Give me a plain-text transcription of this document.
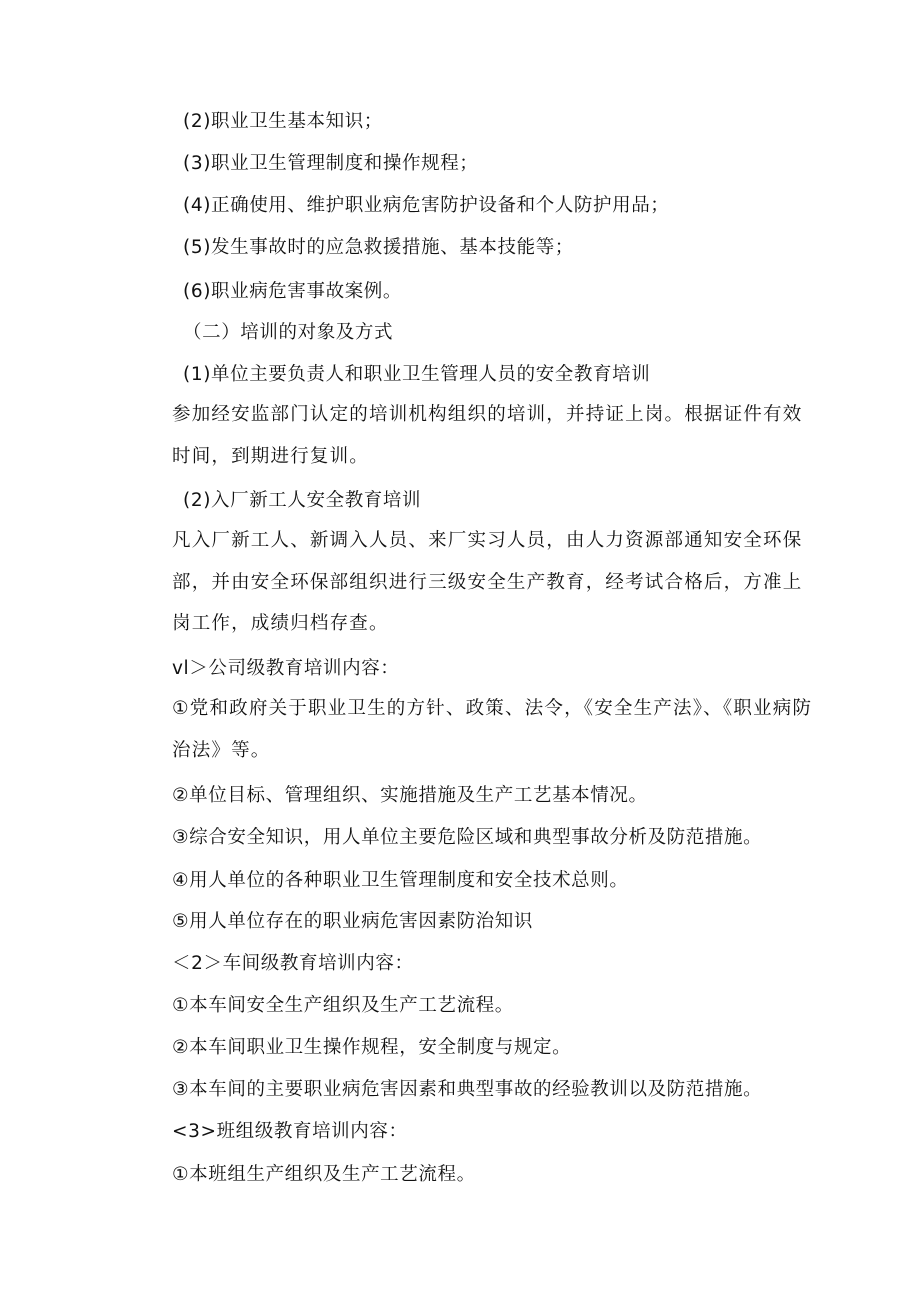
(2)职业卫生基本知识；
(3)职业卫生管理制度和操作规程；
(4)正确使用、维护职业病危害防护设备和个人防护用品；
(5)发生事故时的应急救援措施、基本技能等；
(6)职业病危害事故案例。
（二）培训的对象及方式
(1)单位主要负责人和职业卫生管理人员的安全教育培训
参加经安监部门认定的培训机构组织的培训，并持证上岗。根据证件有效时间，到期进行复训。
(2)入厂新工人安全教育培训
凡入厂新工人、新调入人员、来厂实习人员，由人力资源部通知安全环保部，并由安全环保部组织进行三级安全生产教育，经考试合格后，方准上岗工作，成绩归档存查。
vl＞公司级教育培训内容：
①党和政府关于职业卫生的方针、政策、法令，《安全生产法》、《职业病防治法》等。
②单位目标、管理组织、实施措施及生产工艺基本情况。
③综合安全知识，用人单位主要危险区域和典型事故分析及防范措施。
④用人单位的各种职业卫生管理制度和安全技术总则。
⑤用人单位存在的职业病危害因素防治知识
＜2＞车间级教育培训内容：
①本车间安全生产组织及生产工艺流程。
②本车间职业卫生操作规程，安全制度与规定。
③本车间的主要职业病危害因素和典型事故的经验教训以及防范措施。
<3>班组级教育培训内容：
①本班组生产组织及生产工艺流程。
